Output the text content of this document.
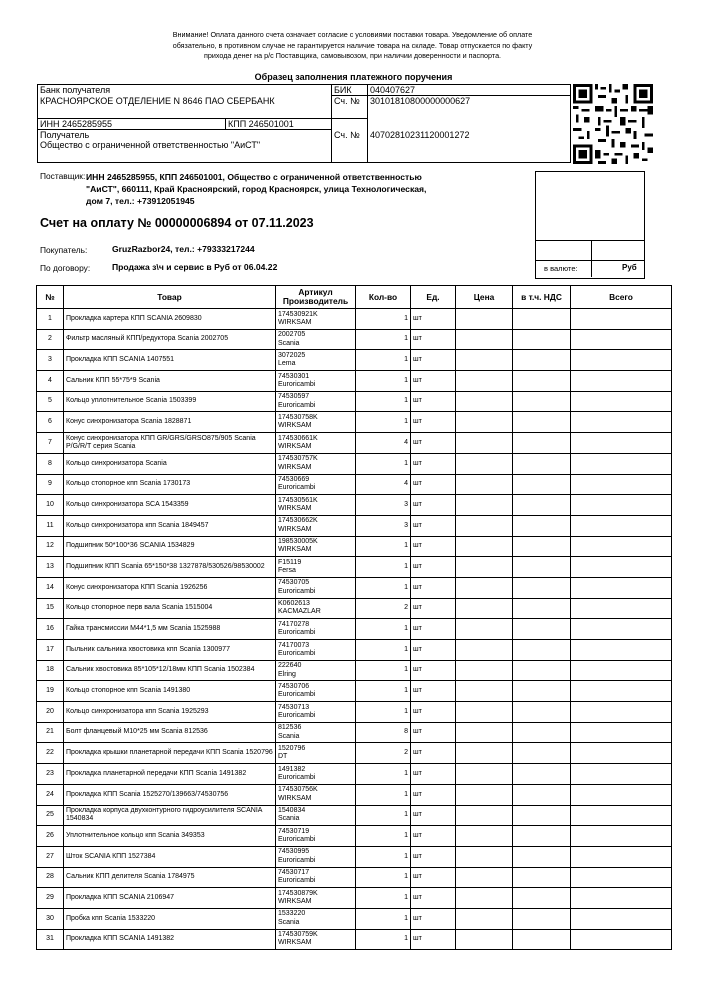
Внимание! Оплата данного счета означает согласие с условиями поставки товара. Уведомление об оплате
обязательно, в противном случае не гарантируется наличие товара на складе. Товар отпускается по факту
прихода денег на р/с Поставщика, самовывозом, при наличии доверенности и паспорта.
Образец заполнения платежного поручения
Банк получателя		БИК	040407627
КРАСНОЯРСКОЕ ОТДЕЛЕНИЕ N 8646 ПАО СБЕРБАНК		Сч. №	30101810800000000627
ИНН 2465285955	КПП 246501001		
Получатель		Сч. №	40702810231120001272
Общество с ограниченной ответственностью "АиСТ"			
в валюте:	Руб
Поставщик: ИНН 2465285955, КПП 246501001, Общество с ограниченной ответственностью
"АиСТ", 660111, Край Красноярский, город Красноярск, улица Технологическая,
дом 7, тел.: +73912051945
Счет на оплату № 00000006894 от 07.11.2023
Покупатель:	GruzRazbor24, тел.: +79333217244
По договору:	Продажа з\ч и сервис в Руб от 06.04.22
№	Товар	Артикул
Производитель	Кол-во	Ед.	Цена	в т.ч. НДС	Всего
1	Прокладка картера КПП SCANIA 2609830	174530921K
WIRKSAM	1	шт			
2	Фильтр масляный КПП/редуктора Scania 2002705	2002705
Scania	1	шт			
3	Прокладка КПП SCANIA 1407551	3072025
Lema	1	шт			
4	Сальник КПП 55*75*9 Scania	74530301
Euroricambi	1	шт			
5	Кольцо уплотнительное Scania 1503399	74530597
Euroricambi	1	шт			
6	Конус синхронизатора Scania 1828871	174530758K
WIRKSAM	1	шт			
7	Конус синхронизатора КПП GR/GRS/GRSO875/905 Scania P/G/R/T серия Scania	174530661K
WIRKSAM	4	шт			
8	Кольцо синхронизатора Scania	174530757K
WIRKSAM	1	шт			
9	Кольцо стопорное кпп Scania 1730173	74530669
Euroricambi	4	шт			
10	Кольцо синхронизатора SCA 1543359	174530561K
WIRKSAM	3	шт			
11	Кольцо синхронизатора кпп Scania 1849457	174530662K
WIRKSAM	3	шт			
12	Подшипник 50*100*36 SCANIA 1534829	198530005K
WIRKSAM	1	шт			
13	Подшипник КПП Scania 65*150*38 1327878/530526/98530002	F15119
Fersa	1	шт			
14	Конус синхронизатора КПП Scania 1926256	74530705
Euroricambi	1	шт			
15	Кольцо стопорное перв вала Scania 1515004	K0602613
KACMAZLAR	2	шт			
16	Гайка трансмиссии М44*1,5 мм Scania 1525988	74170278
Euroricambi	1	шт			
17	Пыльник сальника хвостовика кпп Scania 1300977	74170073
Euroricambi	1	шт			
18	Сальник хвостовика 85*105*12/18мм КПП Scania 1502384	222640
Elring	1	шт			
19	Кольцо стопорное кпп Scania 1491380	74530706
Euroricambi	1	шт			
20	Кольцо синхронизатора кпп Scania 1925293	74530713
Euroricambi	1	шт			
21	Болт фланцевый М10*25 мм Scania 812536	812536
Scania	8	шт			
22	Прокладка крышки планетарной передачи КПП Scania 1520796	1520796
DT	2	шт			
23	Прокладка планетарной передачи КПП Scania 1491382	1491382
Euroricambi	1	шт			
24	Прокладка КПП Scania 1525270/139663/74530756	174530756K
WIRKSAM	1	шт			
25	Прокладка корпуса двухконтурного гидроусилителя SCANIA 1540834	1540834
Scania	1	шт			
26	Уплотнительное кольцо кпп Scania 349353	74530719
Euroricambi	1	шт			
27	Шток SCANIA КПП 1527384	74530995
Euroricambi	1	шт			
28	Сальник КПП делителя Scania 1784975	74530717
Euroricambi	1	шт			
29	Прокладка КПП SCANIA 2106947	174530879K
WIRKSAM	1	шт			
30	Пробка кпп Scania 1533220	1533220
Scania	1	шт			
31	Прокладка КПП SCANIA 1491382	174530759K
WIRKSAM	1	шт			
